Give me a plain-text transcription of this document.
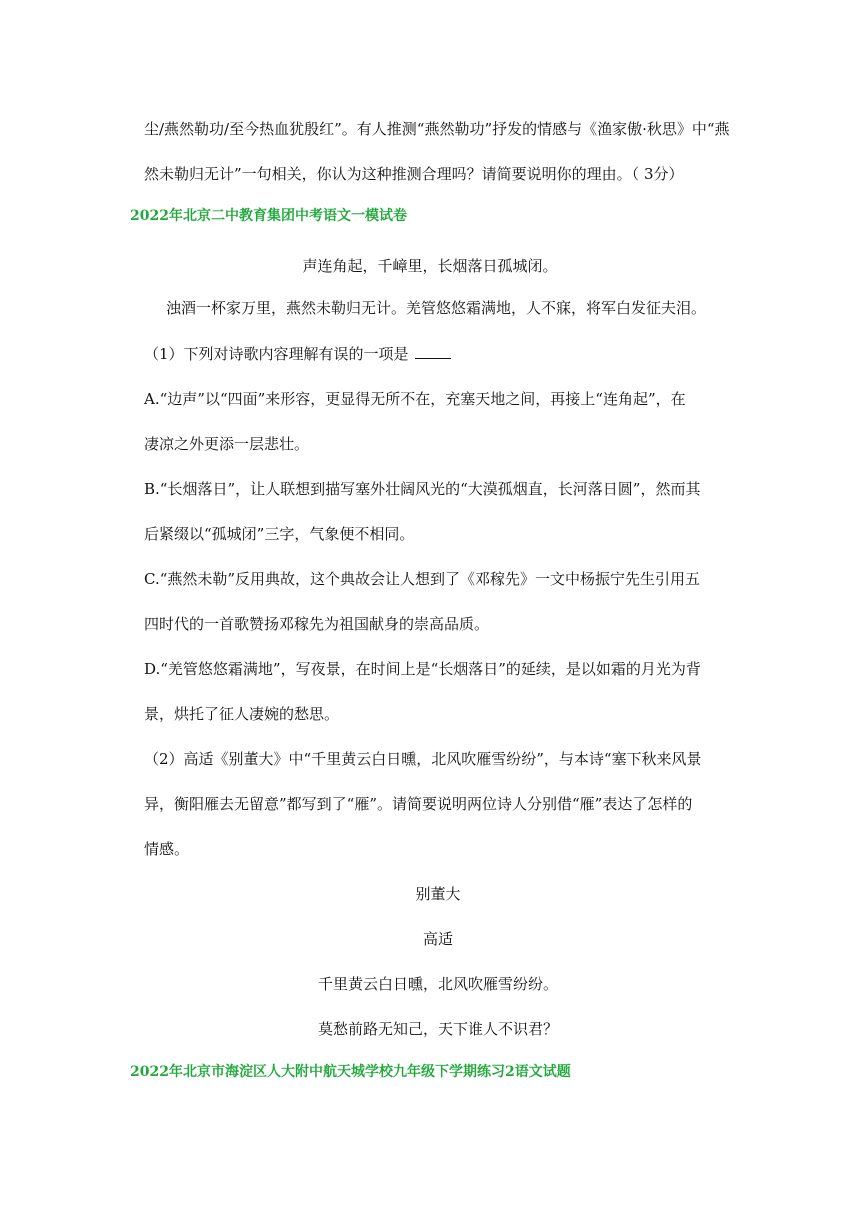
尘/燕然勒功/至今热血犹殷红”。有人推测“燕然勒功”抒发的情感与《渔家傲·秋思》中“燕
然未勒归无计”一句相关，你认为这种推测合理吗？请简要说明你的理由。（ 3分）
2022年北京二中教育集团中考语文一模试卷
声连角起，千嶂里，长烟落日孤城闭。
浊酒一杯家万里，燕然未勒归无计。羌管悠悠霜满地，人不寐，将军白发征夫泪。
（1）下列对诗歌内容理解有误的一项是
A.“边声”以“四面”来形容，更显得无所不在，充塞天地之间，再接上“连角起”，在
凄凉之外更添一层悲壮。
B.“长烟落日”，让人联想到描写塞外壮阔风光的“大漠孤烟直，长河落日圆”，然而其
后紧缀以“孤城闭”三字，气象便不相同。
C.“燕然未勒”反用典故，这个典故会让人想到了《邓稼先》一文中杨振宁先生引用五
四时代的一首歌赞扬邓稼先为祖国献身的崇高品质。
D.“羌管悠悠霜满地”，写夜景，在时间上是“长烟落日”的延续，是以如霜的月光为背
景，烘托了征人凄婉的愁思。
（2）高适《别董大》中“千里黄云白日曛，北风吹雁雪纷纷”，与本诗“塞下秋来风景
异，衡阳雁去无留意”都写到了“雁”。请简要说明两位诗人分别借“雁”表达了怎样的
情感。
别董大
高适
千里黄云白日曛，北风吹雁雪纷纷。
莫愁前路无知己，天下谁人不识君？
2022年北京市海淀区人大附中航天城学校九年级下学期练习2语文试题
